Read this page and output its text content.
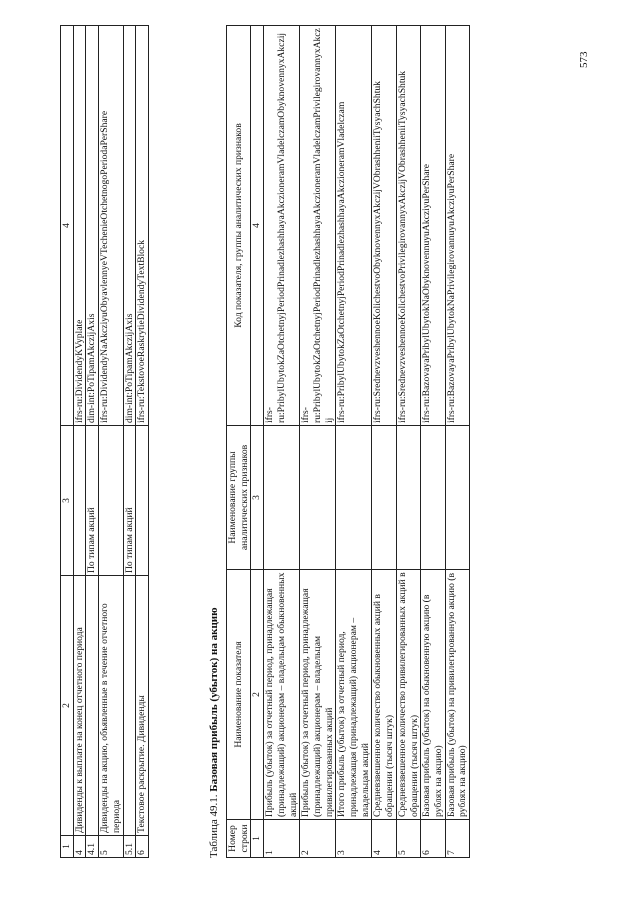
573
1	2	3	4
4	Дивиденды к выплате на конец отчетного периода		ifrs-ru:DividendyKVyplate
4.1		По типам акций	dim-int:PoTipamAkczijAxis
5	Дивиденды на акцию, объявленные в течение отчетного периода		ifrs-ru:DividendyNaAkcziyuObyavlennyeVTechenieOtchetnogoPeriodaPerShare
5.1		По типам акций	dim-int:PoTipamAkczijAxis
6	Текстовое раскрытие. Дивиденды		ifrs-ru:TekstovoeRaskrytieDividendyTextBlock
Таблица 49.1. Базовая прибыль (убыток) на акцию
Номер строки	Наименование показателя	Наименование группы аналитических признаков	Код показателя, группы аналитических признаков
1	2	3	4
1	Прибыль (убыток) за отчетный период, принадлежащая (принадлежащий) акционерам – владельцам обыкновенных акций		ifrs-ru:PribylUbytokZaOtchetnyjPeriodPrinadlezhashhayaAkczioneramVladelczamObyknovennyxAkczij
2	Прибыль (убыток) за отчетный период, принадлежащая (принадлежащий) акционерам – владельцам привилегированных акций		ifrs-ru:PribylUbytokZaOtchetnyjPeriodPrinadlezhashhayaAkczioneramVladelczamPrivilegirovannyxAkczij
3	Итого прибыль (убыток) за отчетный период, принадлежащая (принадлежащий) акционерам – владельцам акций		ifrs-ru:PribylUbytokZaOtchetnyjPeriodPrinadlezhashhayaAkczioneramVladelczam
4	Средневзвешенное количество обыкновенных акций в обращении (тысяч штук)		ifrs-ru:SrednevzveshennoeKolichestvoObyknovennyxAkczijVObrashheniiTysyachShtuk
5	Средневзвешенное количество привилегированных акций в обращении (тысяч штук)		ifrs-ru:SrednevzveshennoeKolichestvoPrivilegirovannyxAkczijVObrashheniiTysyachShtuk
6	Базовая прибыль (убыток) на обыкновенную акцию (в рублях на акцию)		ifrs-ru:BazovayaPribylUbytokNaObyknovennuyuAkcziyuPerShare
7	Базовая прибыль (убыток) на привилегированную акцию (в рублях на акцию)		ifrs-ru:BazovayaPribylUbytokNaPrivilegirovannuyuAkcziyuPerShare
